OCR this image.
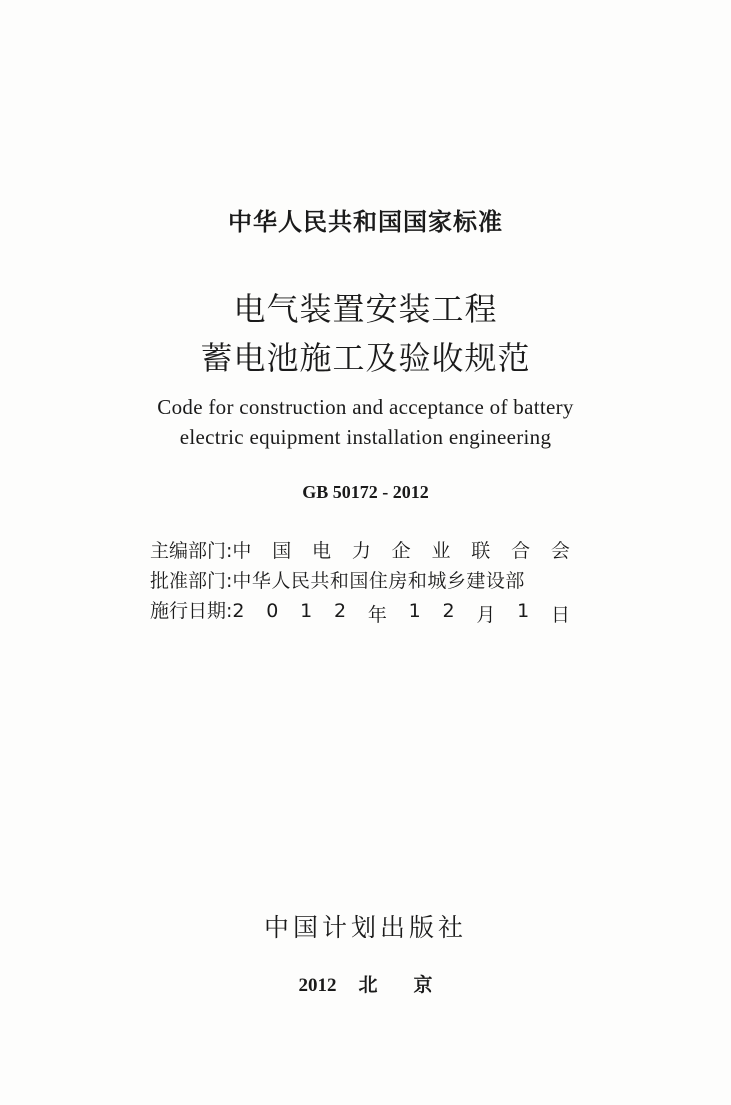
中华人民共和国国家标准
电气装置安装工程
蓄电池施工及验收规范
Code for construction and acceptance of battery
electric equipment installation engineering
GB 50172 - 2012
主编部门: 中 国 电 力 企 业 联 合 会
批准部门: 中华人民共和国住房和城乡建设部
施行日期: 2 0 1 2 年 1 2 月 1 日
中国计划出版社
2012 北 京
